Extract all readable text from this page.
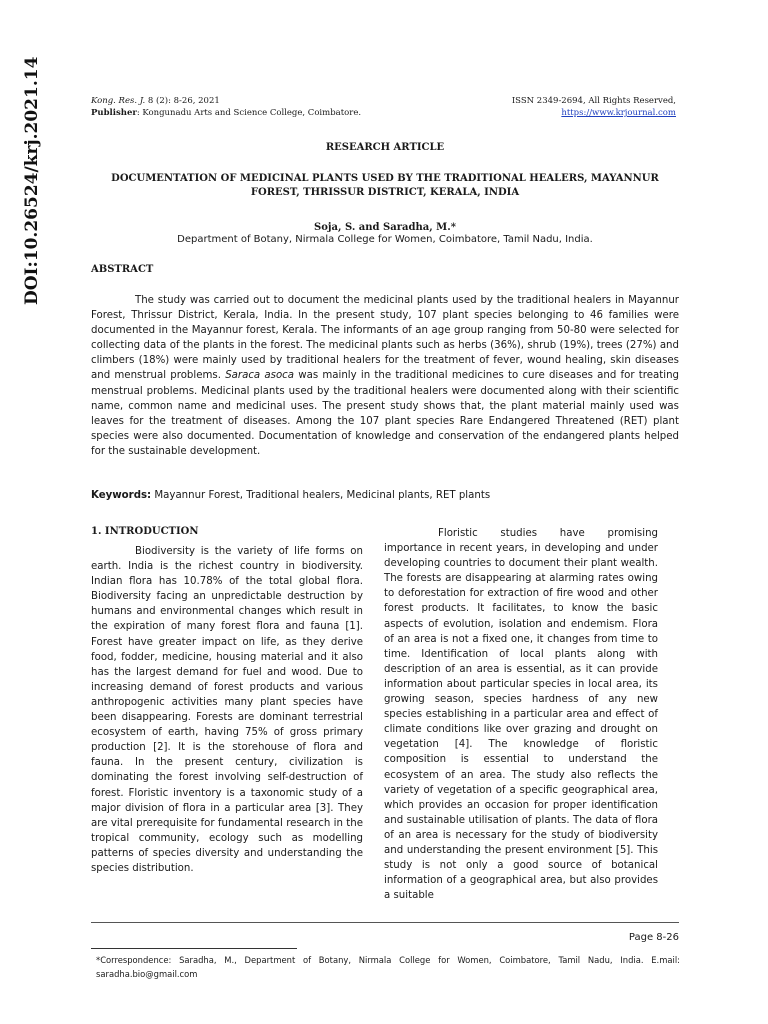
DOI:10.26524/krj.2021.14	Kong. Res. J. 8 (2): 8-26, 2021
Publisher: Kongunadu Arts and Science College, Coimbatore.
ISSN 2349-2694, All Rights Reserved,
https://www.krjournal.com
RESEARCH ARTICLE
DOCUMENTATION OF MEDICINAL PLANTS USED BY THE TRADITIONAL HEALERS, MAYANNUR FOREST, THRISSUR DISTRICT, KERALA, INDIA
Soja, S. and Saradha, M.*
Department of Botany, Nirmala College for Women, Coimbatore, Tamil Nadu, India.
ABSTRACT

The study was carried out to document the medicinal plants used by the traditional healers in Mayannur Forest, Thrissur District, Kerala, India. In the present study, 107 plant species belonging to 46 families were documented in the Mayannur forest, Kerala. The informants of an age group ranging from 50-80 were selected for collecting data of the plants in the forest. The medicinal plants such as herbs (36%), shrub (19%), trees (27%) and climbers (18%) were mainly used by traditional healers for the treatment of fever, wound healing, skin diseases and menstrual problems. Saraca asoca was mainly in the traditional medicines to cure diseases and for treating menstrual problems. Medicinal plants used by the traditional healers were documented along with their scientific name, common name and medicinal uses. The present study shows that, the plant material mainly used was leaves for the treatment of diseases. Among the 107 plant species Rare Endangered Threatened (RET) plant species were also documented. Documentation of knowledge and conservation of the endangered plants helped for the sustainable development.

Keywords: Mayannur Forest, Traditional healers, Medicinal plants, RET plants
1. INTRODUCTION

Biodiversity is the variety of life forms on earth. India is the richest country in biodiversity. Indian flora has 10.78% of the total global flora. Biodiversity facing an unpredictable destruction by humans and environmental changes which result in the expiration of many forest flora and fauna [1]. Forest have greater impact on life, as they derive food, fodder, medicine, housing material and it also has the largest demand for fuel and wood. Due to increasing demand of forest products and various anthropogenic activities many plant species have been disappearing. Forests are dominant terrestrial ecosystem of earth, having 75% of gross primary production [2]. It is the storehouse of flora and fauna. In the present century, civilization is dominating the forest involving self-destruction of forest. Floristic inventory is a taxonomic study of a major division of flora in a particular area [3]. They are vital prerequisite for fundamental research in the tropical community, ecology such as modelling patterns of species diversity and understanding the species distribution.

Floristic studies have promising importance in recent years, in developing and under developing countries to document their plant wealth. The forests are disappearing at alarming rates owing to deforestation for extraction of fire wood and other forest products. It facilitates, to know the basic aspects of evolution, isolation and endemism. Flora of an area is not a fixed one, it changes from time to time. Identification of local plants along with description of an area is essential, as it can provide information about particular species in local area, its growing season, species hardness of any new species establishing in a particular area and effect of climate conditions like over grazing and drought on vegetation [4]. The knowledge of floristic composition is essential to understand the ecosystem of an area. The study also reflects the variety of vegetation of a specific geographical area, which provides an occasion for proper identification and sustainable utilisation of plants. The data of flora of an area is necessary for the study of biodiversity and understanding the present environment [5]. This study is not only a good source of botanical information of a geographical area, but also provides a suitable

Page 8-26

*Correspondence: Saradha, M., Department of Botany, Nirmala College for Women, Coimbatore, Tamil Nadu, India. E.mail: saradha.bio@gmail.com
